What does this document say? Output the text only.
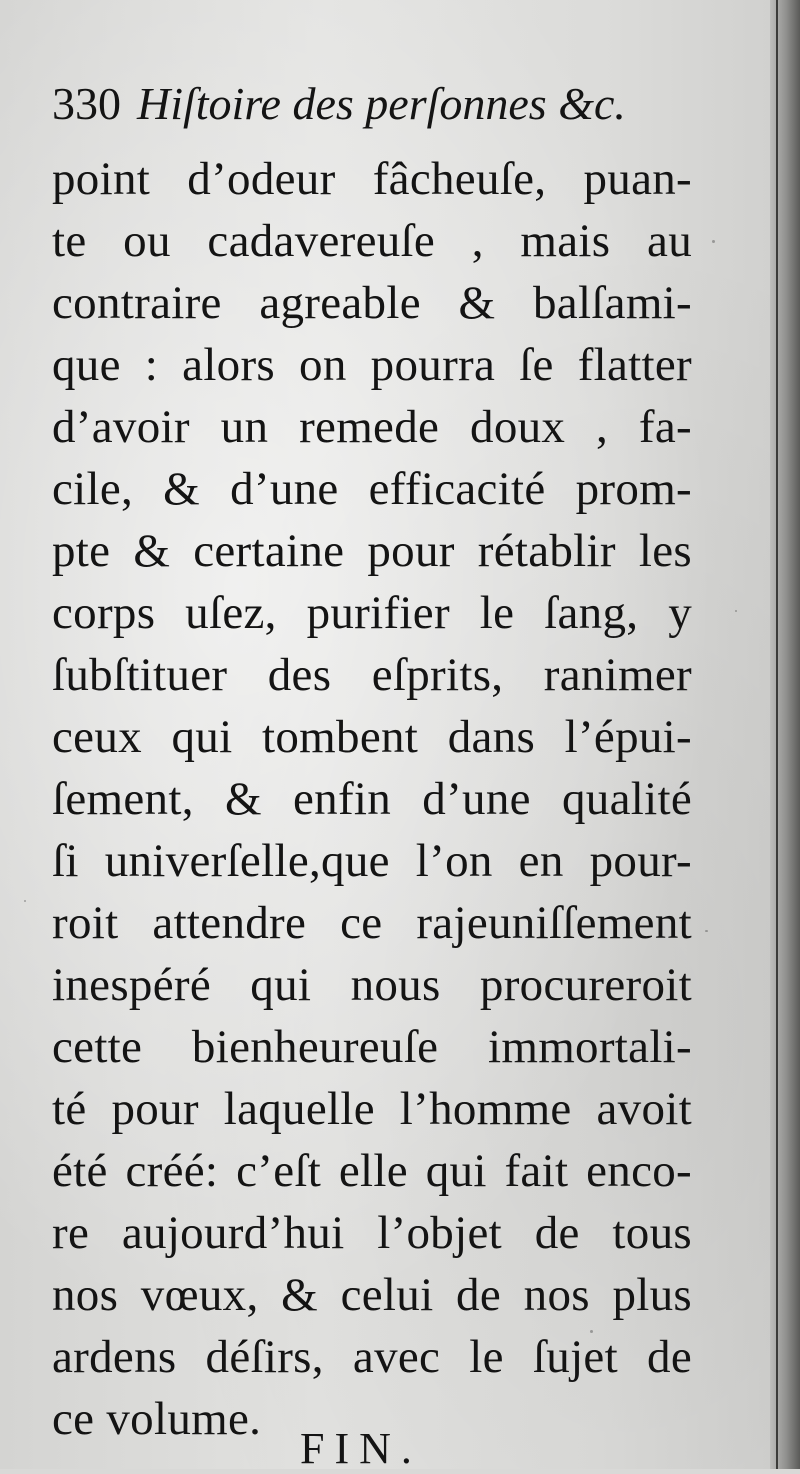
330 Hiſtoire des perſonnes &c.
point d’odeur fâcheuſe, puan-
te ou cadavereuſe , mais au
contraire agreable & balſami-
que : alors on pourra ſe flatter
d’avoir un remede doux , fa-
cile, & d’une efficacité prom-
pte & certaine pour rétablir les
corps uſez, purifier le ſang, y
ſubſtituer des eſprits, ranimer
ceux qui tombent dans l’épui-
ſement, & enfin d’une qualité
ſi univerſelle,que l’on en pour-
roit attendre ce rajeuniſſement
inespéré qui nous procureroit
cette bienheureuſe immortali-
té pour laquelle l’homme avoit
été créé: c’eſt elle qui fait enco-
re aujourd’hui l’objet de tous
nos vœux, & celui de nos plus
ardens déſirs, avec le ſujet de
ce volume.
FIN.
